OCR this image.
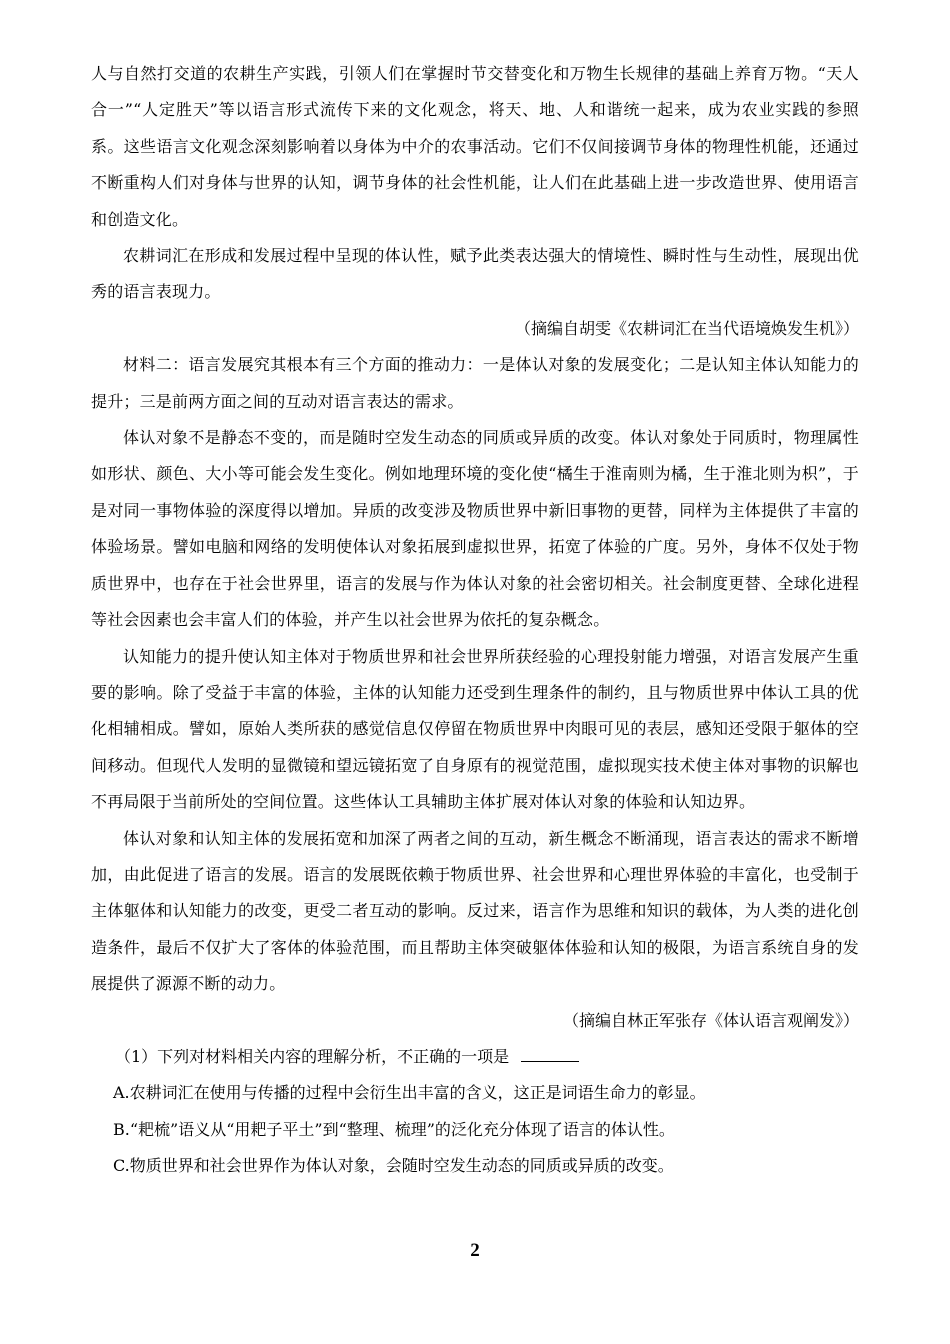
人与自然打交道的农耕生产实践，引领人们在掌握时节交替变化和万物生长规律的基础上养育万物。“天人合一”“人定胜天”等以语言形式流传下来的文化观念，将天、地、人和谐统一起来，成为农业实践的参照系。这些语言文化观念深刻影响着以身体为中介的农事活动。它们不仅间接调节身体的物理性机能，还通过不断重构人们对身体与世界的认知，调节身体的社会性机能，让人们在此基础上进一步改造世界、使用语言和创造文化。

农耕词汇在形成和发展过程中呈现的体认性，赋予此类表达强大的情境性、瞬时性与生动性，展现出优秀的语言表现力。

（摘编自胡雯《农耕词汇在当代语境焕发生机》）

材料二：语言发展究其根本有三个方面的推动力：一是体认对象的发展变化；二是认知主体认知能力的提升；三是前两方面之间的互动对语言表达的需求。

体认对象不是静态不变的，而是随时空发生动态的同质或异质的改变。体认对象处于同质时，物理属性如形状、颜色、大小等可能会发生变化。例如地理环境的变化使“橘生于淮南则为橘，生于淮北则为枳”，于是对同一事物体验的深度得以增加。异质的改变涉及物质世界中新旧事物的更替，同样为主体提供了丰富的体验场景。譬如电脑和网络的发明使体认对象拓展到虚拟世界，拓宽了体验的广度。另外，身体不仅处于物质世界中，也存在于社会世界里，语言的发展与作为体认对象的社会密切相关。社会制度更替、全球化进程等社会因素也会丰富人们的体验，并产生以社会世界为依托的复杂概念。

认知能力的提升使认知主体对于物质世界和社会世界所获经验的心理投射能力增强，对语言发展产生重要的影响。除了受益于丰富的体验，主体的认知能力还受到生理条件的制约，且与物质世界中体认工具的优化相辅相成。譬如，原始人类所获的感觉信息仅停留在物质世界中肉眼可见的表层，感知还受限于躯体的空间移动。但现代人发明的显微镜和望远镜拓宽了自身原有的视觉范围，虚拟现实技术使主体对事物的识解也不再局限于当前所处的空间位置。这些体认工具辅助主体扩展对体认对象的体验和认知边界。

体认对象和认知主体的发展拓宽和加深了两者之间的互动，新生概念不断涌现，语言表达的需求不断增加，由此促进了语言的发展。语言的发展既依赖于物质世界、社会世界和心理世界体验的丰富化，也受制于主体躯体和认知能力的改变，更受二者互动的影响。反过来，语言作为思维和知识的载体，为人类的进化创造条件，最后不仅扩大了客体的体验范围，而且帮助主体突破躯体体验和认知的极限，为语言系统自身的发展提供了源源不断的动力。

（摘编自林正军张存《体认语言观阐发》）

（1）下列对材料相关内容的理解分析，不正确的一项是

A.农耕词汇在使用与传播的过程中会衍生出丰富的含义，这正是词语生命力的彰显。

B.“耙梳”语义从“用耙子平土”到“整理、梳理”的泛化充分体现了语言的体认性。

C.物质世界和社会世界作为体认对象，会随时空发生动态的同质或异质的改变。

2
